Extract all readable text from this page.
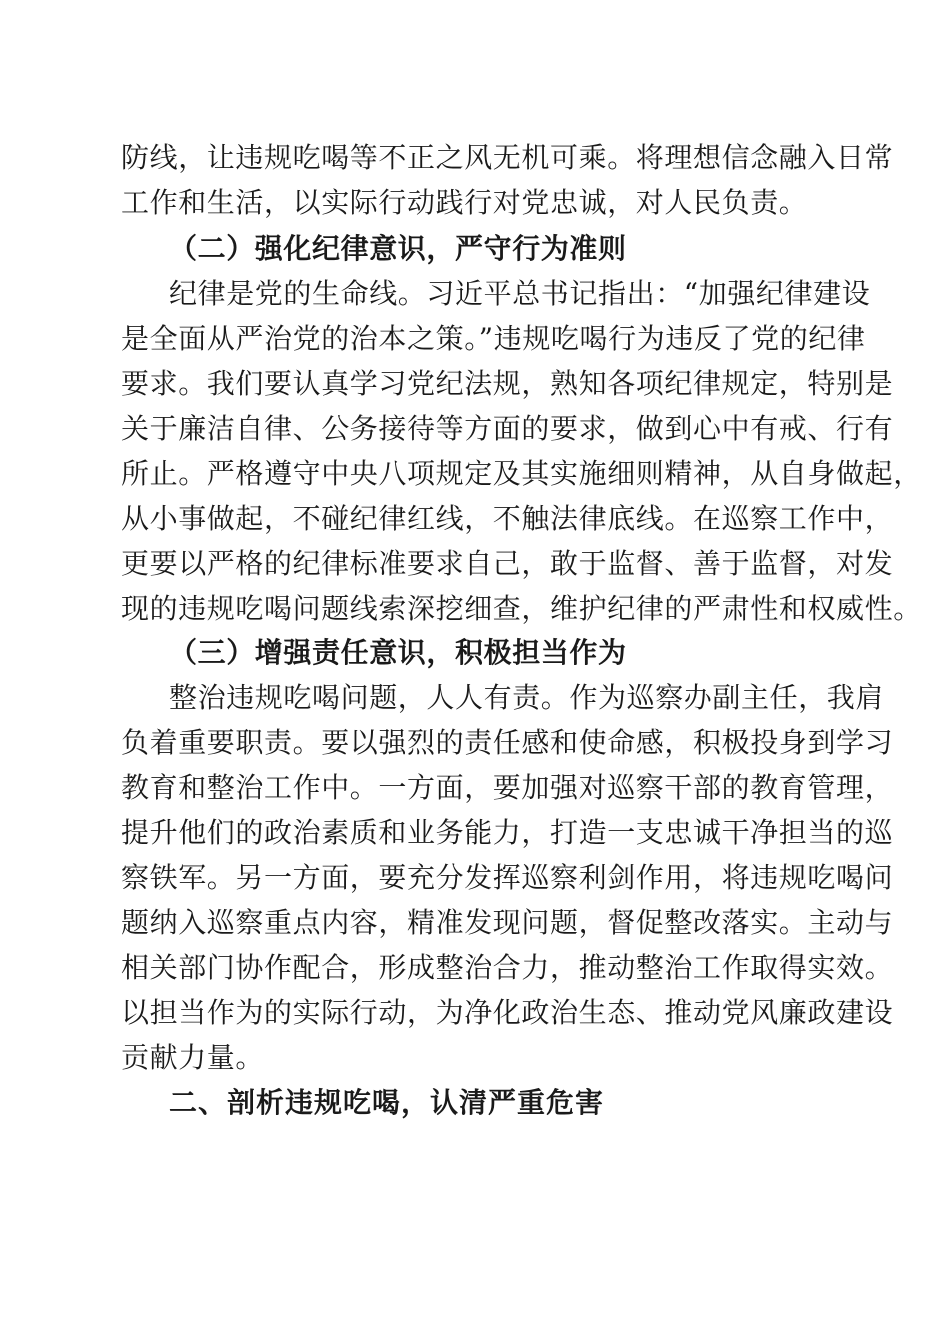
防线，让违规吃喝等不正之风无机可乘。将理想信念融入日常
工作和生活，以实际行动践行对党忠诚，对人民负责。
（二）强化纪律意识，严守行为准则
纪律是党的生命线。习近平总书记指出：“加强纪律建设
是全面从严治党的治本之策。”违规吃喝行为违反了党的纪律
要求。我们要认真学习党纪法规，熟知各项纪律规定，特别是
关于廉洁自律、公务接待等方面的要求，做到心中有戒、行有
所止。严格遵守中央八项规定及其实施细则精神，从自身做起，
从小事做起，不碰纪律红线，不触法律底线。在巡察工作中，
更要以严格的纪律标准要求自己，敢于监督、善于监督，对发
现的违规吃喝问题线索深挖细查，维护纪律的严肃性和权威性。
（三）增强责任意识，积极担当作为
整治违规吃喝问题，人人有责。作为巡察办副主任，我肩
负着重要职责。要以强烈的责任感和使命感，积极投身到学习
教育和整治工作中。一方面，要加强对巡察干部的教育管理，
提升他们的政治素质和业务能力，打造一支忠诚干净担当的巡
察铁军。另一方面，要充分发挥巡察利剑作用，将违规吃喝问
题纳入巡察重点内容，精准发现问题，督促整改落实。主动与
相关部门协作配合，形成整治合力，推动整治工作取得实效。
以担当作为的实际行动，为净化政治生态、推动党风廉政建设
贡献力量。
二、剖析违规吃喝，认清严重危害
